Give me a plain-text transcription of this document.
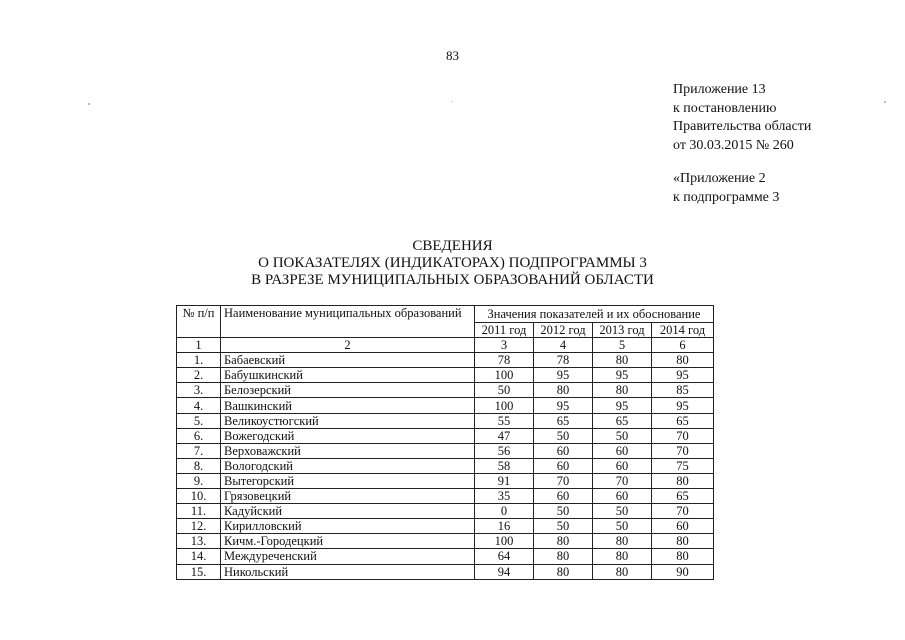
83
Приложение 13
к постановлению
Правительства области
от 30.03.2015 № 260
«Приложение 2
к подпрограмме 3
СВЕДЕНИЯ
О ПОКАЗАТЕЛЯХ (ИНДИКАТОРАХ) ПОДПРОГРАММЫ 3
В РАЗРЕЗЕ МУНИЦИПАЛЬНЫХ ОБРАЗОВАНИЙ ОБЛАСТИ
№ п/п	Наименование муниципальных образований	Значения показателей и их обоснование			
		2011 год	2012 год	2013 год	2014 год
1	2	3	4	5	6
1.	Бабаевский	78	78	80	80
2.	Бабушкинский	100	95	95	95
3.	Белозерский	50	80	80	85
4.	Вашкинский	100	95	95	95
5.	Великоустюгский	55	65	65	65
6.	Вожегодский	47	50	50	70
7.	Верховажский	56	60	60	70
8.	Вологодский	58	60	60	75
9.	Вытегорский	91	70	70	80
10.	Грязовецкий	35	60	60	65
11.	Кадуйский	0	50	50	70
12.	Кирилловский	16	50	50	60
13.	Кичм.-Городецкий	100	80	80	80
14.	Междуреченский	64	80	80	80
15.	Никольский	94	80	80	90
